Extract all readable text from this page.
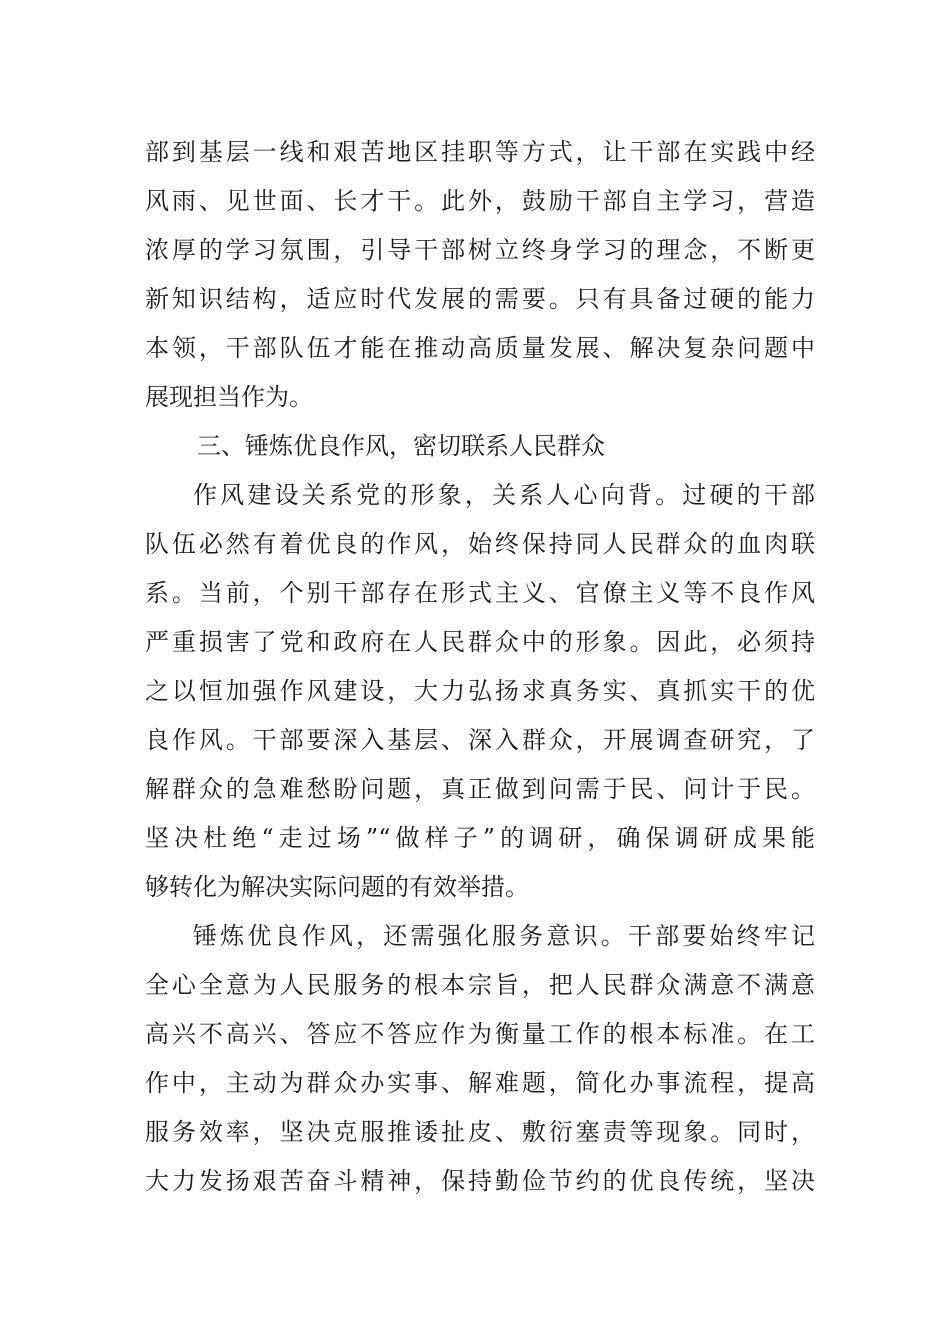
部到基层一线和艰苦地区挂职等方式，让干部在实践中经
风雨、见世面、长才干。此外，鼓励干部自主学习，营造
浓厚的学习氛围，引导干部树立终身学习的理念，不断更
新知识结构，适应时代发展的需要。只有具备过硬的能力
本领，干部队伍才能在推动高质量发展、解决复杂问题中
展现担当作为。
三、锤炼优良作风，密切联系人民群众
作风建设关系党的形象，关系人心向背。过硬的干部
队伍必然有着优良的作风，始终保持同人民群众的血肉联
系。当前，个别干部存在形式主义、官僚主义等不良作风
严重损害了党和政府在人民群众中的形象。因此，必须持
之以恒加强作风建设，大力弘扬求真务实、真抓实干的优
良作风。干部要深入基层、深入群众，开展调查研究，了
解群众的急难愁盼问题，真正做到问需于民、问计于民。
坚决杜绝“走过场”“做样子”的调研，确保调研成果能
够转化为解决实际问题的有效举措。
锤炼优良作风，还需强化服务意识。干部要始终牢记
全心全意为人民服务的根本宗旨，把人民群众满意不满意
高兴不高兴、答应不答应作为衡量工作的根本标准。在工
作中，主动为群众办实事、解难题，简化办事流程，提高
服务效率，坚决克服推诿扯皮、敷衍塞责等现象。同时，
大力发扬艰苦奋斗精神，保持勤俭节约的优良传统，坚决
